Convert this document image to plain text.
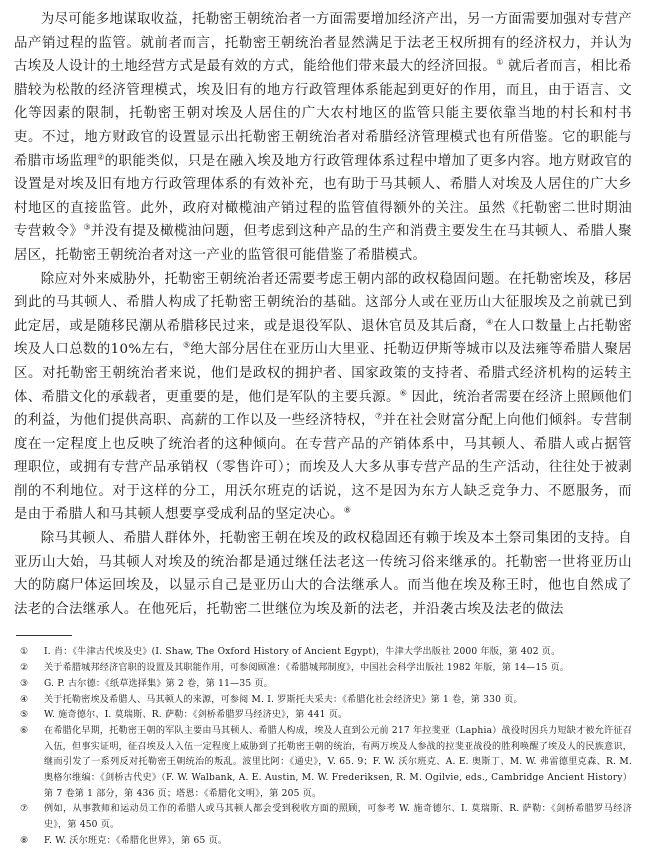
为尽可能多地谋取收益，托勒密王朝统治者一方面需要增加经济产出，另一方面需要加强对专营产品产销过程的监管。就前者而言，托勒密王朝统治者显然满足于法老王权所拥有的经济权力，并认为古埃及人设计的土地经营方式是最有效的方式，能给他们带来最大的经济回报。① 就后者而言，相比希腊较为松散的经济管理模式，埃及旧有的地方行政管理体系能起到更好的作用，而且，由于语言、文化等因素的限制，托勒密王朝对埃及人居住的广大农村地区的监管只能主要依靠当地的村长和村书吏。不过，地方财政官的设置显示出托勒密王朝统治者对希腊经济管理模式也有所借鉴。它的职能与希腊市场监理②的职能类似，只是在融入埃及地方行政管理体系过程中增加了更多内容。地方财政官的设置是对埃及旧有地方行政管理体系的有效补充，也有助于马其顿人、希腊人对埃及人居住的广大乡村地区的直接监管。此外，政府对橄榄油产销过程的监管值得额外的关注。虽然《托勒密二世时期油专营敕令》③并没有提及橄榄油问题，但考虑到这种产品的生产和消费主要发生在马其顿人、希腊人聚居区，托勒密王朝统治者对这一产业的监管很可能借鉴了希腊模式。

除应对外来威胁外，托勒密王朝统治者还需要考虑王朝内部的政权稳固问题。在托勒密埃及，移居到此的马其顿人、希腊人构成了托勒密王朝统治的基础。这部分人或在亚历山大征服埃及之前就已到此定居，或是随移民潮从希腊移民过来，或是退役军队、退休官员及其后裔，④在人口数量上占托勒密埃及人口总数的10%左右，⑤绝大部分居住在亚历山大里亚、托勒迈伊斯等城市以及法雍等希腊人聚居区。对托勒密王朝统治者来说，他们是政权的拥护者、国家政策的支持者、希腊式经济机构的运转主体、希腊文化的承载者，更重要的是，他们是军队的主要兵源。⑥ 因此，统治者需要在经济上照顾他们的利益，为他们提供高职、高薪的工作以及一些经济特权，⑦并在社会财富分配上向他们倾斜。专营制度在一定程度上也反映了统治者的这种倾向。在专营产品的产销体系中，马其顿人、希腊人或占据管理职位，或拥有专营产品承销权（零售许可）；而埃及人大多从事专营产品的生产活动，往往处于被剥削的不利地位。对于这样的分工，用沃尔班克的话说，这不是因为东方人缺乏竞争力、不愿服务，而是由于希腊人和马其顿人想要享受成利品的坚定决心。⑧

除马其顿人、希腊人群体外，托勒密王朝在埃及的政权稳固还有赖于埃及本土祭司集团的支持。自亚历山大始，马其顿人对埃及的统治都是通过继任法老这一传统习俗来继承的。托勒密一世将亚历山大的防腐尸体运回埃及，以显示自己是亚历山大的合法继承人。而当他在埃及称王时，他也自然成了法老的合法继承人。在他死后，托勒密二世继位为埃及新的法老，并沿袭古埃及法老的做法

① I. 肖：《牛津古代埃及史》(I. Shaw, The Oxford History of Ancient Egypt)，牛津大学出版社 2000 年版，第 402 页。
② 关于希腊城邦经济官职的设置及其职能作用，可参阅顾准：《希腊城邦制度》，中国社会科学出版社 1982 年版，第 14—15 页。
③ G. P. 古尔德：《纸草选择集》第 2 卷，第 11—35 页。
④ 关于托勒密埃及希腊人、马其顿人的来源，可参阅 M. I. 罗斯托夫采夫：《希腊化社会经济史》第 1 卷，第 330 页。
⑤ W. 施奇德尔、I. 莫瑞斯、R. 萨勒：《剑桥希腊罗马经济史》，第 441 页。
⑥ 在希腊化早期，托勒密王朝的军队主要由马其顿人、希腊人构成，埃及人直到公元前 217 年拉斐亚（Laphia）战役时因兵力短缺才被允许征召入伍，但事实证明，征召埃及人入伍一定程度上威胁到了托勒密王朝的统治，有两万埃及人参战的拉斐亚战役的胜利唤醒了埃及人的民族意识，继而引发了一系列反对托勒密王朝统治的叛乱。波里比阿：《通史》，V. 65. 9；F. W. 沃尔班克、A. E. 奥斯丁、M. W. 弗雷德里克森、R. M. 奥格尔维编：《剑桥古代史》（F. W. Walbank, A. E. Austin, M. W. Frederiksen, R. M. Ogilvie, eds., Cambridge Ancient History）第 7 卷第 1 部分，第 436 页；塔恩：《希腊化文明》，第 205 页。
⑦ 例如，从事教师和运动员工作的希腊人或马其顿人都会受到税收方面的照顾，可参考 W. 施奇德尔、I. 莫瑞斯、R. 萨勒：《剑桥希腊罗马经济史》，第 450 页。
⑧ F. W. 沃尔班克：《希腊化世界》，第 65 页。
